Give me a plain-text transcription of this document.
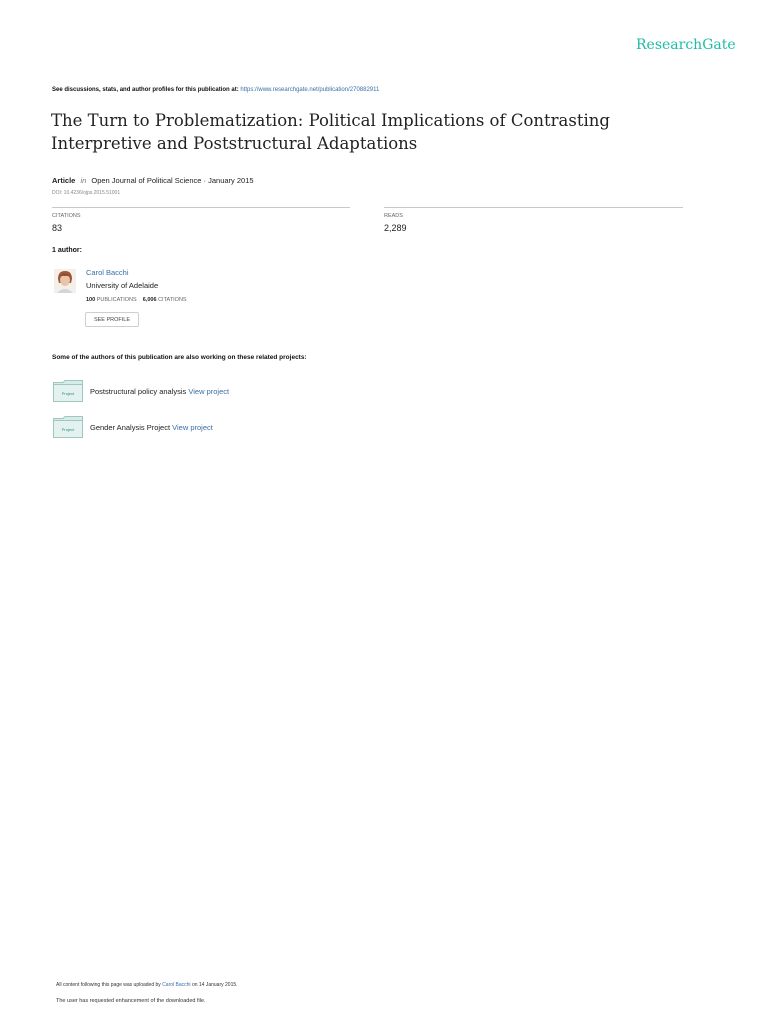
ResearchGate
See discussions, stats, and author profiles for this publication at: https://www.researchgate.net/publication/270882911
The Turn to Problematization: Political Implications of Contrasting Interpretive and Poststructural Adaptations
Article in Open Journal of Political Science · January 2015
DOI: 10.4236/ojps.2015.51001
CITATIONS
83
READS
2,289
1 author:
Carol Bacchi
University of Adelaide
100 PUBLICATIONS 6,006 CITATIONS
SEE PROFILE
Some of the authors of this publication are also working on these related projects:
Project Poststructural policy analysis View project
Project Gender Analysis Project View project
All content following this page was uploaded by Carol Bacchi on 14 January 2015.
The user has requested enhancement of the downloaded file.
